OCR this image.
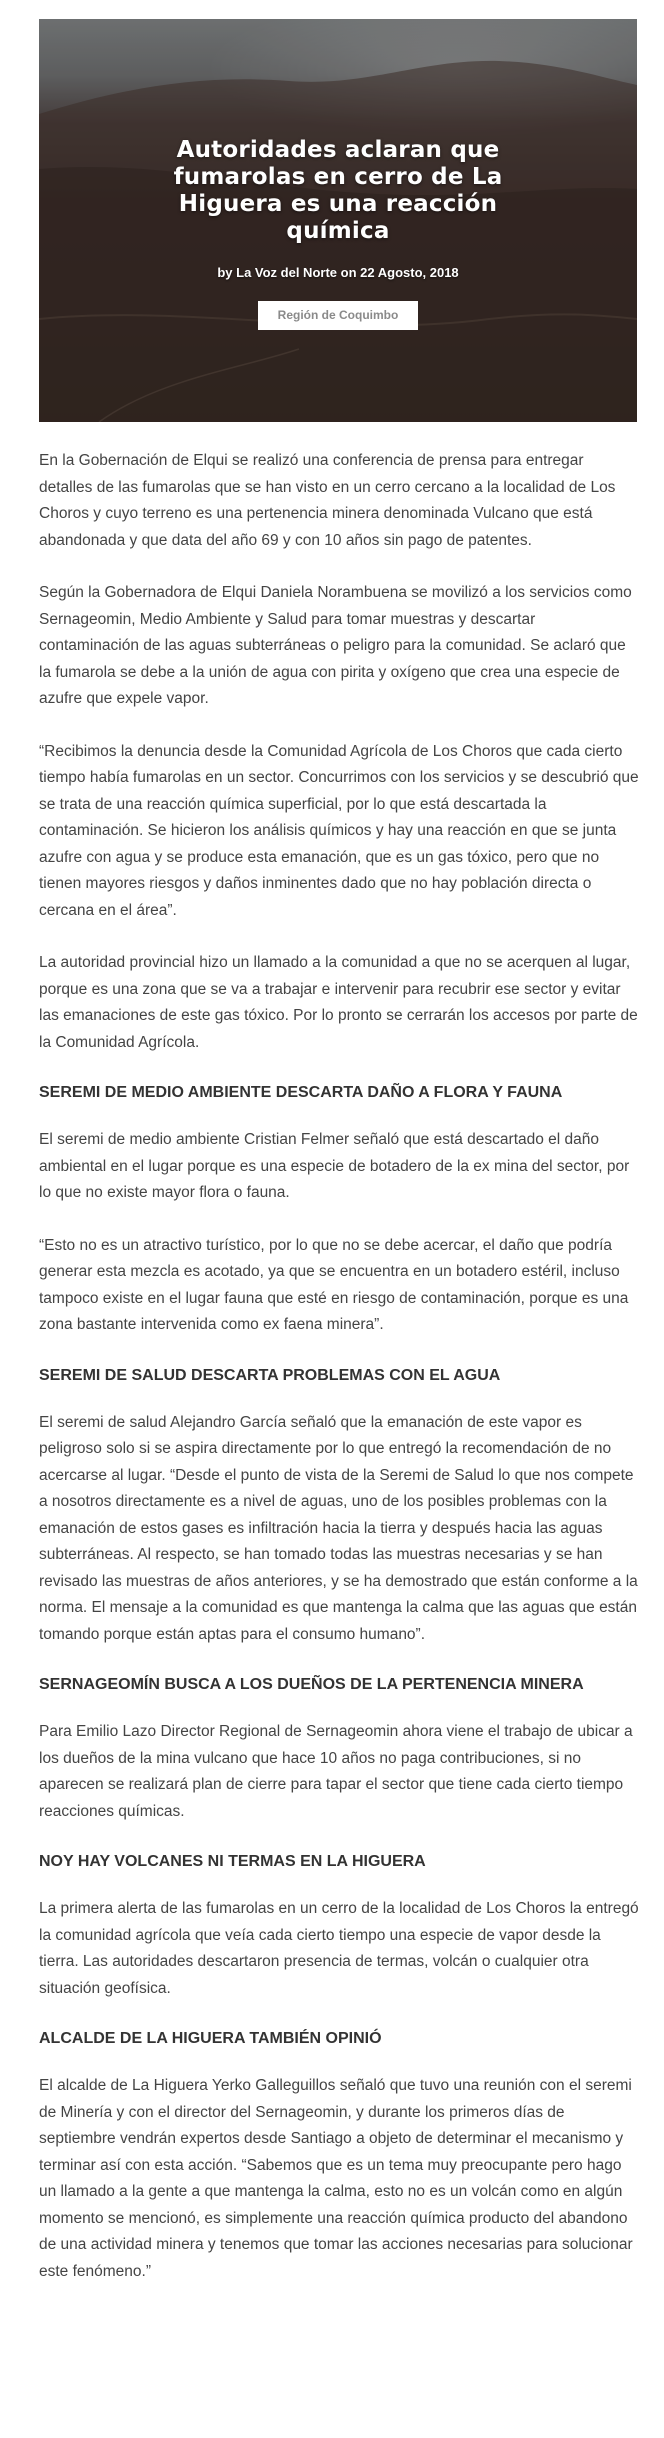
Autoridades aclaran que fumarolas en cerro de La Higuera es una reacción química
by La Voz del Norte on 22 Agosto, 2018
Región de Coquimbo

En la Gobernación de Elqui se realizó una conferencia de prensa para entregar detalles de las fumarolas que se han visto en un cerro cercano a la localidad de Los Choros y cuyo terreno es una pertenencia minera denominada Vulcano que está abandonada y que data del año 69 y con 10 años sin pago de patentes.

Según la Gobernadora de Elqui Daniela Norambuena se movilizó a los servicios como Sernageomin, Medio Ambiente y Salud para tomar muestras y descartar contaminación de las aguas subterráneas o peligro para la comunidad. Se aclaró que la fumarola se debe a la unión de agua con pirita y oxígeno que crea una especie de azufre que expele vapor.

“Recibimos la denuncia desde la Comunidad Agrícola de Los Choros que cada cierto tiempo había fumarolas en un sector. Concurrimos con los servicios y se descubrió que se trata de una reacción química superficial, por lo que está descartada la contaminación. Se hicieron los análisis químicos y hay una reacción en que se junta azufre con agua y se produce esta emanación, que es un gas tóxico, pero que no tienen mayores riesgos y daños inminentes dado que no hay población directa o cercana en el área”.

La autoridad provincial hizo un llamado a la comunidad a que no se acerquen al lugar, porque es una zona que se va a trabajar e intervenir para recubrir ese sector y evitar las emanaciones de este gas tóxico. Por lo pronto se cerrarán los accesos por parte de la Comunidad Agrícola.

SEREMI DE MEDIO AMBIENTE DESCARTA DAÑO A FLORA Y FAUNA

El seremi de medio ambiente Cristian Felmer señaló que está descartado el daño ambiental en el lugar porque es una especie de botadero de la ex mina del sector, por lo que no existe mayor flora o fauna.

“Esto no es un atractivo turístico, por lo que no se debe acercar, el daño que podría generar esta mezcla es acotado, ya que se encuentra en un botadero estéril, incluso tampoco existe en el lugar fauna que esté en riesgo de contaminación, porque es una zona bastante intervenida como ex faena minera”.

SEREMI DE SALUD DESCARTA PROBLEMAS CON EL AGUA

El seremi de salud Alejandro García señaló que la emanación de este vapor es peligroso solo si se aspira directamente por lo que entregó la recomendación de no acercarse al lugar. “Desde el punto de vista de la Seremi de Salud lo que nos compete a nosotros directamente es a nivel de aguas, uno de los posibles problemas con la emanación de estos gases es infiltración hacia la tierra y después hacia las aguas subterráneas. Al respecto, se han tomado todas las muestras necesarias y se han revisado las muestras de años anteriores, y se ha demostrado que están conforme a la norma. El mensaje a la comunidad es que mantenga la calma que las aguas que están tomando porque están aptas para el consumo humano”.

SERNAGEOMÍN BUSCA A LOS DUEÑOS DE LA PERTENENCIA MINERA

Para Emilio Lazo Director Regional de Sernageomin ahora viene el trabajo de ubicar a los dueños de la mina vulcano que hace 10 años no paga contribuciones, si no aparecen se realizará plan de cierre para tapar el sector que tiene cada cierto tiempo reacciones químicas.

NOY HAY VOLCANES NI TERMAS EN LA HIGUERA

La primera alerta de las fumarolas en un cerro de la localidad de Los Choros la entregó la comunidad agrícola que veía cada cierto tiempo una especie de vapor desde la tierra. Las autoridades descartaron presencia de termas, volcán o cualquier otra situación geofísica.

ALCALDE DE LA HIGUERA TAMBIÉN OPINIÓ

El alcalde de La Higuera Yerko Galleguillos señaló que tuvo una reunión con el seremi de Minería y con el director del Sernageomin, y durante los primeros días de septiembre vendrán expertos desde Santiago a objeto de determinar el mecanismo y terminar así con esta acción. “Sabemos que es un tema muy preocupante pero hago un llamado a la gente a que mantenga la calma, esto no es un volcán como en algún momento se mencionó, es simplemente una reacción química producto del abandono de una actividad minera y tenemos que tomar las acciones necesarias para solucionar este fenómeno.”
